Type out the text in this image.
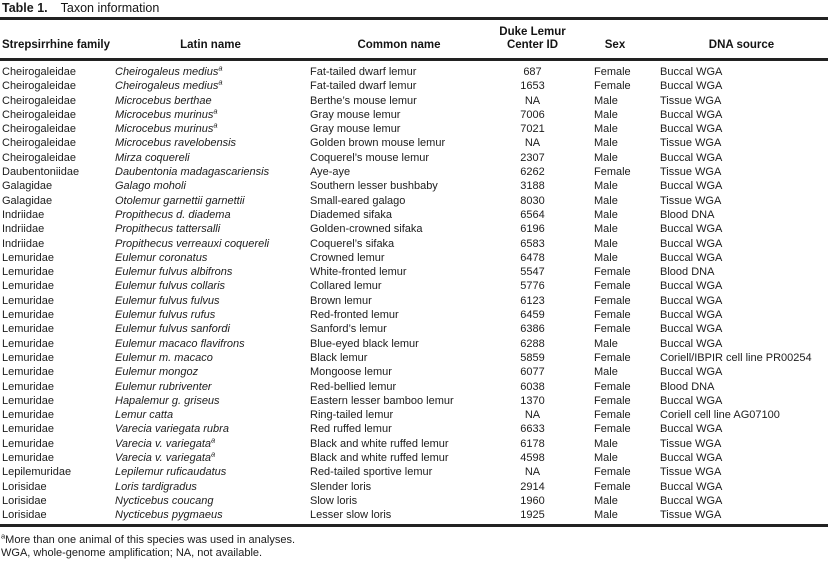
Table 1. Taxon information
Strepsirrhine family	Latin name	Common name	Duke Lemur Center ID	Sex	DNA source
Cheirogaleidae	Cheirogaleus medius$^a$	Fat-tailed dwarf lemur	687	Female	Buccal WGA
Cheirogaleidae	Cheirogaleus medius$^a$	Fat-tailed dwarf lemur	1653	Female	Buccal WGA
Cheirogaleidae	Microcebus berthae	Berthe’s mouse lemur	NA	Male	Tissue WGA
Cheirogaleidae	Microcebus murinus$^a$	Gray mouse lemur	7006	Male	Buccal WGA
Cheirogaleidae	Microcebus murinus$^a$	Gray mouse lemur	7021	Male	Buccal WGA
Cheirogaleidae	Microcebus ravelobensis	Golden brown mouse lemur	NA	Male	Tissue WGA
Cheirogaleidae	Mirza coquereli	Coquerel’s mouse lemur	2307	Male	Buccal WGA
Daubentoniidae	Daubentonia madagascariensis	Aye-aye	6262	Female	Tissue WGA
Galagidae	Galago moholi	Southern lesser bushbaby	3188	Male	Buccal WGA
Galagidae	Otolemur garnettii garnettii	Small-eared galago	8030	Male	Tissue WGA
Indriidae	Propithecus d. diadema	Diademed sifaka	6564	Male	Blood DNA
Indriidae	Propithecus tattersalli	Golden-crowned sifaka	6196	Male	Buccal WGA
Indriidae	Propithecus verreauxi coquereli	Coquerel’s sifaka	6583	Male	Buccal WGA
Lemuridae	Eulemur coronatus	Crowned lemur	6478	Male	Buccal WGA
Lemuridae	Eulemur fulvus albifrons	White-fronted lemur	5547	Female	Blood DNA
Lemuridae	Eulemur fulvus collaris	Collared lemur	5776	Female	Buccal WGA
Lemuridae	Eulemur fulvus fulvus	Brown lemur	6123	Female	Buccal WGA
Lemuridae	Eulemur fulvus rufus	Red-fronted lemur	6459	Female	Buccal WGA
Lemuridae	Eulemur fulvus sanfordi	Sanford’s lemur	6386	Female	Buccal WGA
Lemuridae	Eulemur macaco flavifrons	Blue-eyed black lemur	6288	Male	Buccal WGA
Lemuridae	Eulemur m. macaco	Black lemur	5859	Female	Coriell/IBPIR cell line PR00254
Lemuridae	Eulemur mongoz	Mongoose lemur	6077	Male	Buccal WGA
Lemuridae	Eulemur rubriventer	Red-bellied lemur	6038	Female	Blood DNA
Lemuridae	Hapalemur g. griseus	Eastern lesser bamboo lemur	1370	Female	Buccal WGA
Lemuridae	Lemur catta	Ring-tailed lemur	NA	Female	Coriell cell line AG07100
Lemuridae	Varecia variegata rubra	Red ruffed lemur	6633	Female	Buccal WGA
Lemuridae	Varecia v. variegata$^a$	Black and white ruffed lemur	6178	Male	Tissue WGA
Lemuridae	Varecia v. variegata$^a$	Black and white ruffed lemur	4598	Male	Buccal WGA
Lepilemuridae	Lepilemur ruficaudatus	Red-tailed sportive lemur	NA	Female	Tissue WGA
Lorisidae	Loris tardigradus	Slender loris	2914	Female	Buccal WGA
Lorisidae	Nycticebus coucang	Slow loris	1960	Male	Buccal WGA
Lorisidae	Nycticebus pygmaeus	Lesser slow loris	1925	Male	Tissue WGA
$^a$More than one animal of this species was used in analyses.
WGA, whole-genome amplification; NA, not available.
